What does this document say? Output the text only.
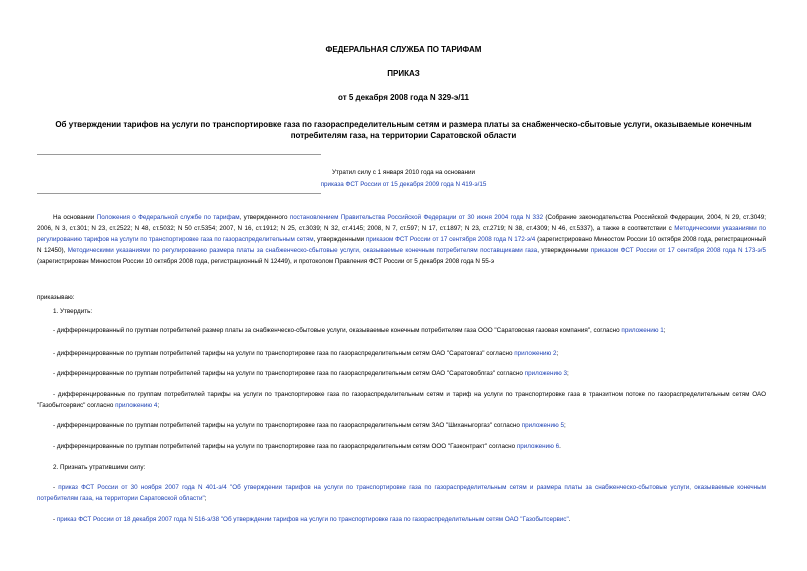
ФЕДЕРАЛЬНАЯ СЛУЖБА ПО ТАРИФАМ
ПРИКАЗ
от 5 декабря 2008 года N 329-э/11
Об утверждении тарифов на услуги по транспортировке газа по газораспределительным сетям и размера платы за снабженческо-сбытовые услуги, оказываемые конечным потребителям газа, на территории Саратовской области
Утратил силу с 1 января 2010 года на основании
приказа ФСТ России от 15 декабря 2009 года N 419-э/15
На основании Положения о Федеральной службе по тарифам, утвержденного постановлением Правительства Российской Федерации от 30 июня 2004 года N 332 (Собрание законодательства Российской Федерации, 2004, N 29, ст.3049; 2006, N 3, ст.301; N 23, ст.2522; N 48, ст.5032; N 50 ст.5354; 2007, N 16, ст.1912; N 25, ст.3039; N 32, ст.4145; 2008, N 7, ст.597; N 17, ст.1897; N 23, ст.2719; N 38, ст.4309; N 46, ст.5337), а также в соответствии с Методическими указаниями по регулированию тарифов на услуги по транспортировке газа по газораспределительным сетям, утвержденными приказом ФСТ России от 17 сентября 2008 года N 172-э/4 (зарегистрировано Минюстом России 10 октября 2008 года, регистрационный N 12450), Методическими указаниями по регулированию размера платы за снабженческо-сбытовые услуги, оказываемые конечным потребителям поставщиками газа, утвержденными приказом ФСТ России от 17 сентября 2008 года N 173-э/5 (зарегистрирован Минюстом России 10 октября 2008 года, регистрационный N 12449), и протоколом Правления ФСТ России от 5 декабря 2008 года N 55-э
приказываю:
1. Утвердить:
- дифференцированный по группам потребителей размер платы за снабженческо-сбытовые услуги, оказываемые конечным потребителям газа ООО "Саратовская газовая компания", согласно приложению 1;
- дифференцированные по группам потребителей тарифы на услуги по транспортировке газа по газораспределительным сетям ОАО "Саратовгаз" согласно приложению 2;
- дифференцированные по группам потребителей тарифы на услуги по транспортировке газа по газораспределительным сетям ОАО "Саратовоблгаз" согласно приложению 3;
- дифференцированные по группам потребителей тарифы на услуги по транспортировке газа по газораспределительным сетям и тариф на услуги по транспортировке газа в транзитном потоке по газораспределительным сетям ОАО "Газобытсервис" согласно приложению 4;
- дифференцированные по группам потребителей тарифы на услуги по транспортировке газа по газораспределительным сетям ЗАО "Шиханыгоргаз" согласно приложению 5;
- дифференцированные по группам потребителей тарифы на услуги по транспортировке газа по газораспределительным сетям ООО "Газконтракт" согласно приложению 6.
2. Признать утратившими силу:
- приказ ФСТ России от 30 ноября 2007 года N 401-э/4 "Об утверждении тарифов на услуги по транспортировке газа по газораспределительным сетям и размера платы за снабженческо-сбытовые услуги, оказываемые конечным потребителям газа, на территории Саратовской области";
- приказ ФСТ России от 18 декабря 2007 года N 516-э/38 "Об утверждении тарифов на услуги по транспортировке газа по газораспределительным сетям ОАО "Газобытсервис".
